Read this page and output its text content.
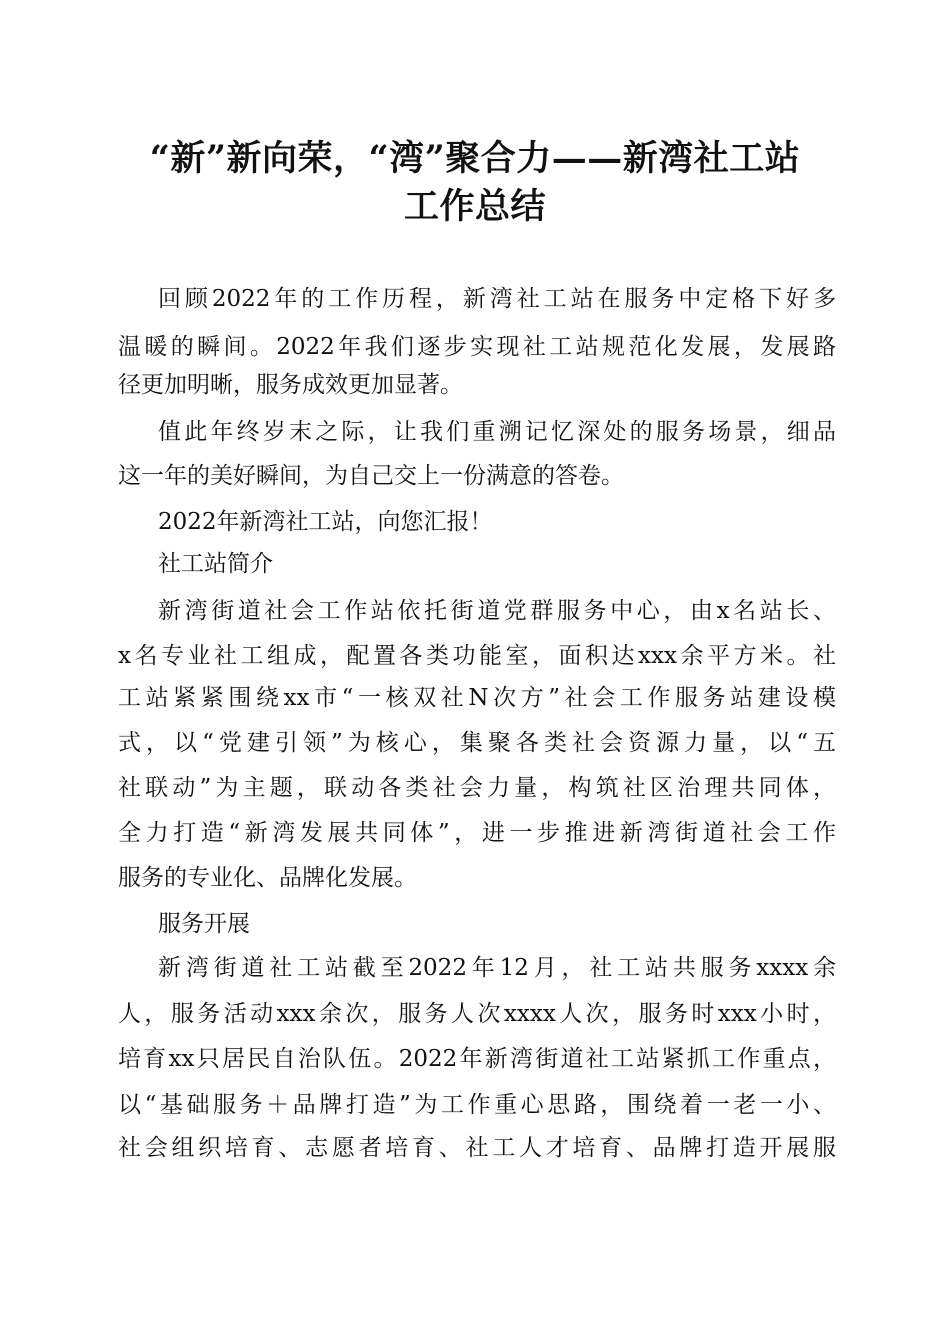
“新”新向荣，“湾”聚合力——新湾社工站
工作总结

回顾2022年的工作历程，新湾社工站在服务中定格下好多

温暖的瞬间。2022年我们逐步实现社工站规范化发展，发展路

径更加明晰，服务成效更加显著。

值此年终岁末之际，让我们重溯记忆深处的服务场景，细品

这一年的美好瞬间，为自己交上一份满意的答卷。

2022年新湾社工站，向您汇报！

社工站简介

新湾街道社会工作站依托街道党群服务中心，由x名站长、

x名专业社工组成，配置各类功能室，面积达xxx余平方米。社

工站紧紧围绕xx市“一核双社N次方”社会工作服务站建设模

式，以“党建引领”为核心，集聚各类社会资源力量，以“五

社联动”为主题，联动各类社会力量，构筑社区治理共同体，

全力打造“新湾发展共同体”，进一步推进新湾街道社会工作

服务的专业化、品牌化发展。

服务开展

新湾街道社工站截至2022年12月，社工站共服务xxxx余

人，服务活动xxx余次，服务人次xxxx人次，服务时xxx小时，

培育xx只居民自治队伍。2022年新湾街道社工站紧抓工作重点，

以“基础服务＋品牌打造”为工作重心思路，围绕着一老一小、

社会组织培育、志愿者培育、社工人才培育、品牌打造开展服
